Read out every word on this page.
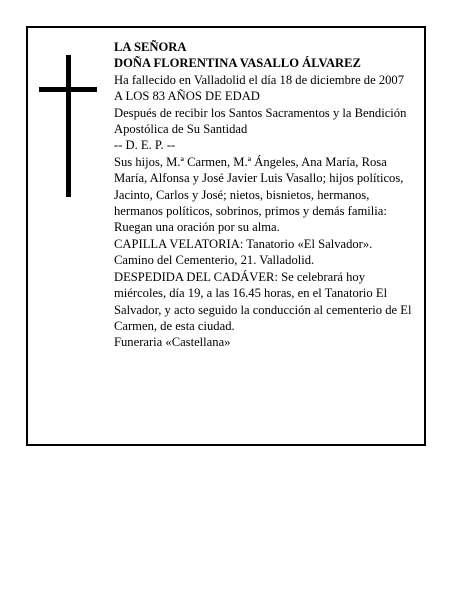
LA SEÑORA

DOÑA FLORENTINA VASALLO ÁLVAREZ

Ha fallecido en Valladolid el día 18 de diciembre de 2007

A LOS 83 AÑOS DE EDAD

Después de recibir los Santos Sacramentos y la Bendición Apostólica de Su Santidad

-- D. E. P. --

Sus hijos, M.ª Carmen, M.ª Ángeles, Ana María, Rosa María, Alfonsa y José Javier Luis Vasallo; hijos políticos, Jacinto, Carlos y José; nietos, bisnietos, hermanos, hermanos políticos, sobrinos, primos y demás familia:

Ruegan una oración por su alma.

CAPILLA VELATORIA: Tanatorio «El Salvador». Camino del Cementerio, 21. Valladolid.

DESPEDIDA DEL CADÁVER: Se celebrará hoy miércoles, día 19, a las 16.45 horas, en el Tanatorio El Salvador, y acto seguido la conducción al cementerio de El Carmen, de esta ciudad.

Funeraria «Castellana»
